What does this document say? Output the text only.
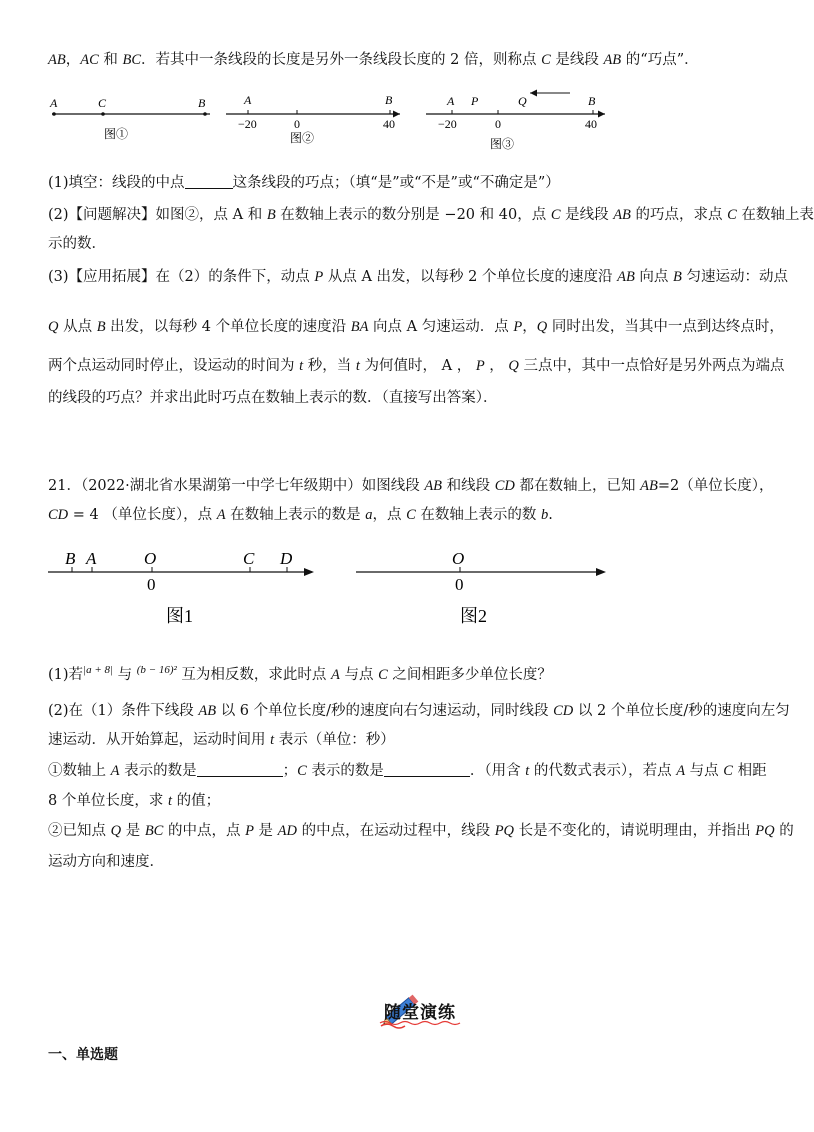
AB，AC 和 BC．若其中一条线段的长度是另外一条线段长度的 2 倍，则称点 C 是线段 AB 的“巧点”．
A	C	B
图①
A	B
−20	0	40
图②
A P	Q	B
−20	0	40
图③
(1)填空：线段的中点	这条线段的巧点；（填“是”或“不是”或“不确定是”）
(2)【问题解决】如图②，点 A 和 B 在数轴上表示的数分别是 −20 和 40，点 C 是线段 AB 的巧点，求点 C 在数轴上表
示的数．
(3)【应用拓展】在（2）的条件下，动点 P 从点 A 出发，以每秒 2 个单位长度的速度沿 AB 向点 B 匀速运动：动点
Q 从点 B 出发，以每秒 4 个单位长度的速度沿 BA 向点 A 匀速运动．点 P，Q 同时出发，当其中一点到达终点时，
两个点运动同时停止，设运动的时间为 t 秒，当 t 为何值时， A ， P ， Q 三点中，其中一点恰好是另外两点为端点
的线段的巧点？并求出此时巧点在数轴上表示的数．（直接写出答案）．
21．（2022·湖北省水果湖第一中学七年级期中）如图线段 AB 和线段 CD 都在数轴上，已知 AB=2（单位长度），
CD = 4 （单位长度），点 A 在数轴上表示的数是 a，点 C 在数轴上表示的数 b.
B A	O	C D
0
图1
O
0
图2
(1)若$^{|a + 8|}$ 与 $^{(b - 16)^2}$ 互为相反数，求此时点 A 与点 C 之间相距多少单位长度？
(2)在（1）条件下线段 AB 以 6 个单位长度/秒的速度向右匀速运动，同时线段 CD 以 2 个单位长度/秒的速度向左匀
速运动．从开始算起，运动时间用 t 表示（单位：秒）
①数轴上 A 表示的数是	；C 表示的数是	．（用含 t 的代数式表示），若点 A 与点 C 相距
8 个单位长度，求 t 的值；
②已知点 Q 是 BC 的中点，点 P 是 AD 的中点，在运动过程中，线段 PQ 长是不变化的，请说明理由，并指出 PQ 的
运动方向和速度．
随堂演练
一、单选题
